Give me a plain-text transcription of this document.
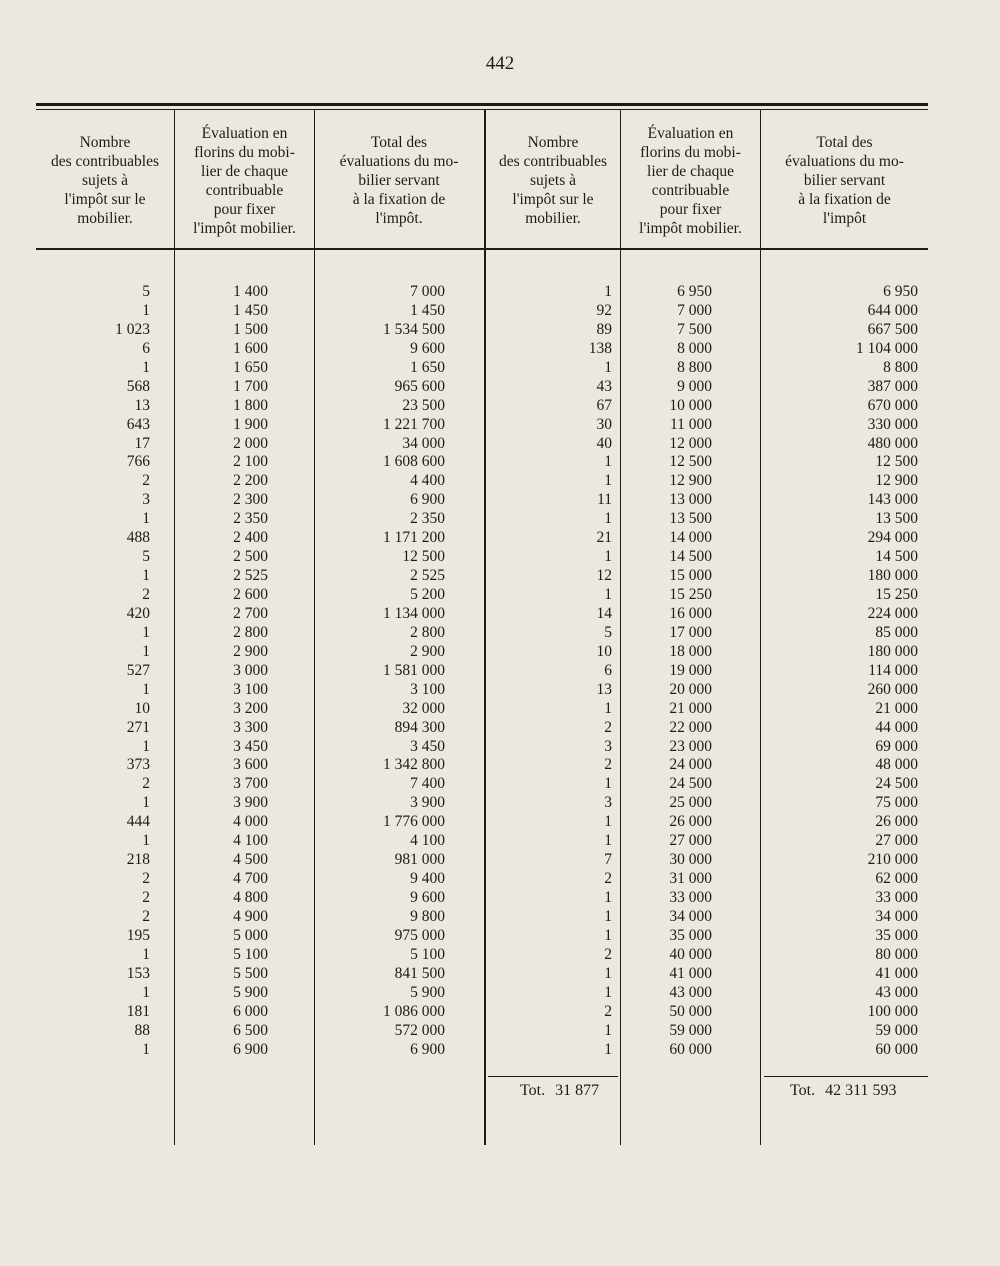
442
Nombre
des contribuables
sujets à
l'impôt sur le
mobilier.
Évaluation en
florins du mobi-
lier de chaque
contribuable
pour fixer
l'impôt mobilier.
Total des
évaluations du mo-
bilier servant
à la fixation de
l'impôt.
Nombre
des contribuables
sujets à
l'impôt sur le
mobilier.
Évaluation en
florins du mobi-
lier de chaque
contribuable
pour fixer
l'impôt mobilier.
Total des
évaluations du mo-
bilier servant
à la fixation de
l'impôt
5
1
1 023
6
1
568
13
643
17
766
2
3
1
488
5
1
2
420
1
1
527
1
10
271
1
373
2
1
444
1
218
2
2
2
195
1
153
1
181
88
1
1 400
1 450
1 500
1 600
1 650
1 700
1 800
1 900
2 000
2 100
2 200
2 300
2 350
2 400
2 500
2 525
2 600
2 700
2 800
2 900
3 000
3 100
3 200
3 300
3 450
3 600
3 700
3 900
4 000
4 100
4 500
4 700
4 800
4 900
5 000
5 100
5 500
5 900
6 000
6 500
6 900
7 000
1 450
1 534 500
9 600
1 650
965 600
23 500
1 221 700
34 000
1 608 600
4 400
6 900
2 350
1 171 200
12 500
2 525
5 200
1 134 000
2 800
2 900
1 581 000
3 100
32 000
894 300
3 450
1 342 800
7 400
3 900
1 776 000
4 100
981 000
9 400
9 600
9 800
975 000
5 100
841 500
5 900
1 086 000
572 000
6 900
1
92
89
138
1
43
67
30
40
1
1
11
1
21
1
12
1
14
5
10
6
13
1
2
3
2
1
3
1
1
7
2
1
1
1
2
1
1
2
1
1
6 950
7 000
7 500
8 000
8 800
9 000
10 000
11 000
12 000
12 500
12 900
13 000
13 500
14 000
14 500
15 000
15 250
16 000
17 000
18 000
19 000
20 000
21 000
22 000
23 000
24 000
24 500
25 000
26 000
27 000
30 000
31 000
33 000
34 000
35 000
40 000
41 000
43 000
50 000
59 000
60 000
6 950
644 000
667 500
1 104 000
8 800
387 000
670 000
330 000
480 000
12 500
12 900
143 000
13 500
294 000
14 500
180 000
15 250
224 000
85 000
180 000
114 000
260 000
21 000
44 000
69 000
48 000
24 500
75 000
26 000
27 000
210 000
62 000
33 000
34 000
35 000
80 000
41 000
43 000
100 000
59 000
60 000
Tot. 31 877	Tot. 42 311 593
